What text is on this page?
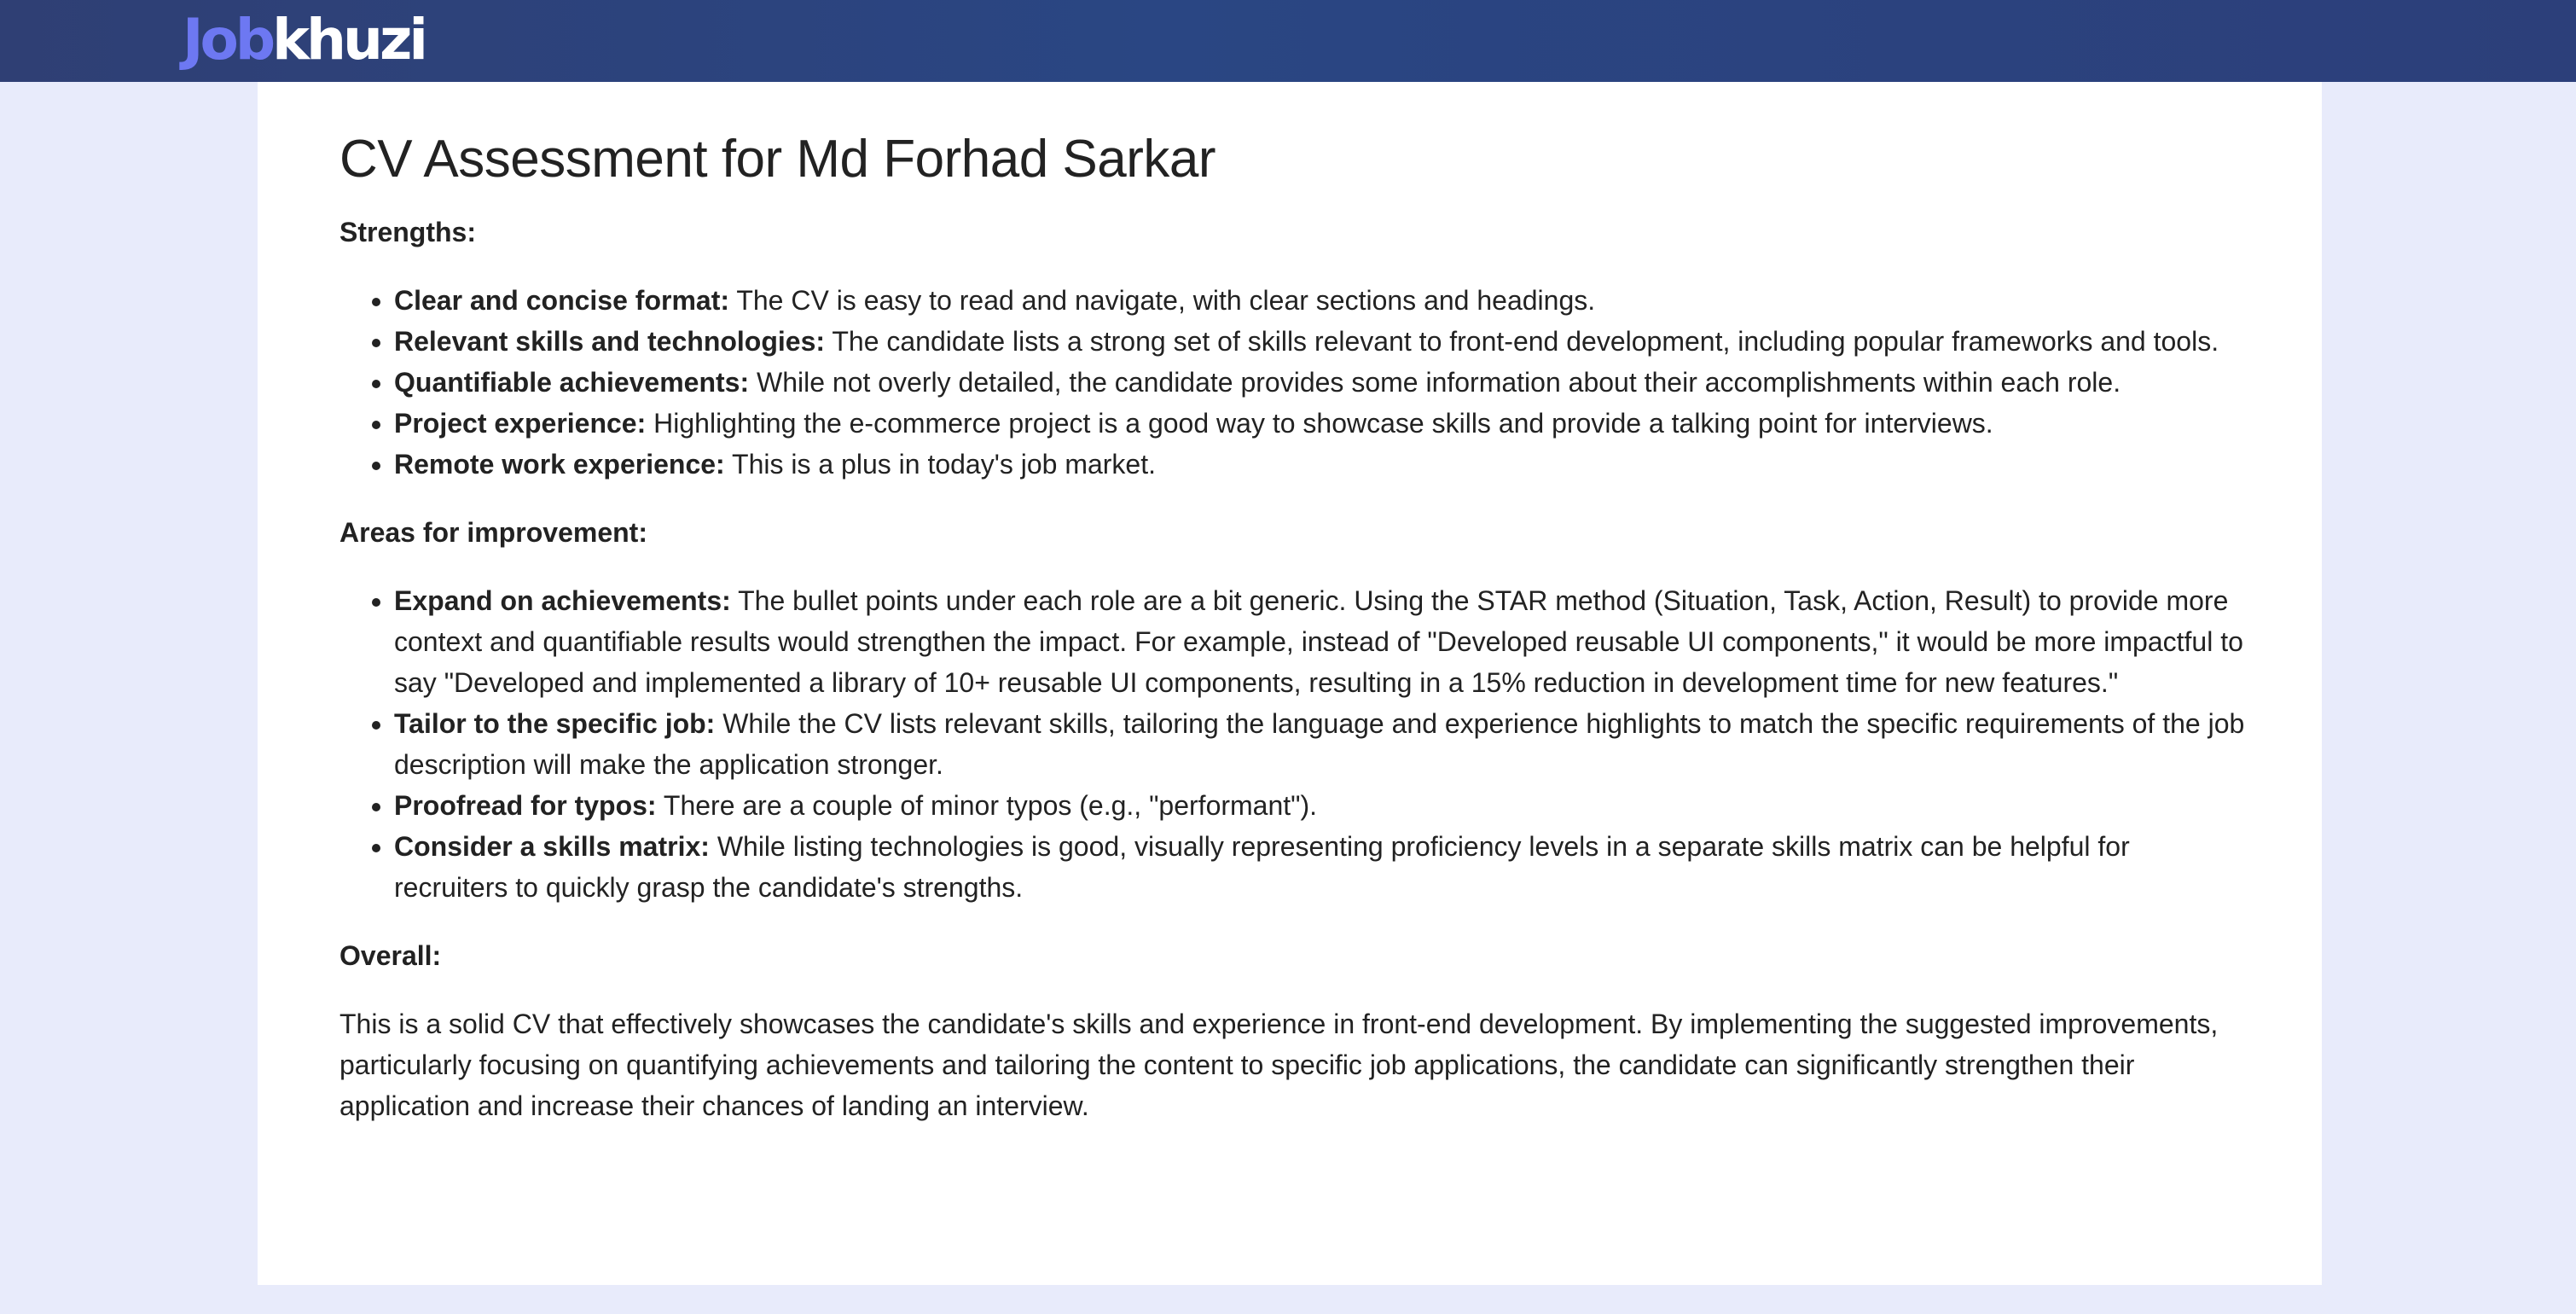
Jobkhuzi
CV Assessment for Md Forhad Sarkar
Strengths:
• Clear and concise format: The CV is easy to read and navigate, with clear sections and headings.
• Relevant skills and technologies: The candidate lists a strong set of skills relevant to front-end development, including popular frameworks and tools.
• Quantifiable achievements: While not overly detailed, the candidate provides some information about their accomplishments within each role.
• Project experience: Highlighting the e-commerce project is a good way to showcase skills and provide a talking point for interviews.
• Remote work experience: This is a plus in today's job market.
Areas for improvement:
• Expand on achievements: The bullet points under each role are a bit generic. Using the STAR method (Situation, Task, Action, Result) to provide more context and quantifiable results would strengthen the impact. For example, instead of "Developed reusable UI components," it would be more impactful to say "Developed and implemented a library of 10+ reusable UI components, resulting in a 15% reduction in development time for new features."
• Tailor to the specific job: While the CV lists relevant skills, tailoring the language and experience highlights to match the specific requirements of the job description will make the application stronger.
• Proofread for typos: There are a couple of minor typos (e.g., "performant").
• Consider a skills matrix: While listing technologies is good, visually representing proficiency levels in a separate skills matrix can be helpful for recruiters to quickly grasp the candidate's strengths.
Overall:

This is a solid CV that effectively showcases the candidate's skills and experience in front-end development. By implementing the suggested improvements, particularly focusing on quantifying achievements and tailoring the content to specific job applications, the candidate can significantly strengthen their application and increase their chances of landing an interview.
